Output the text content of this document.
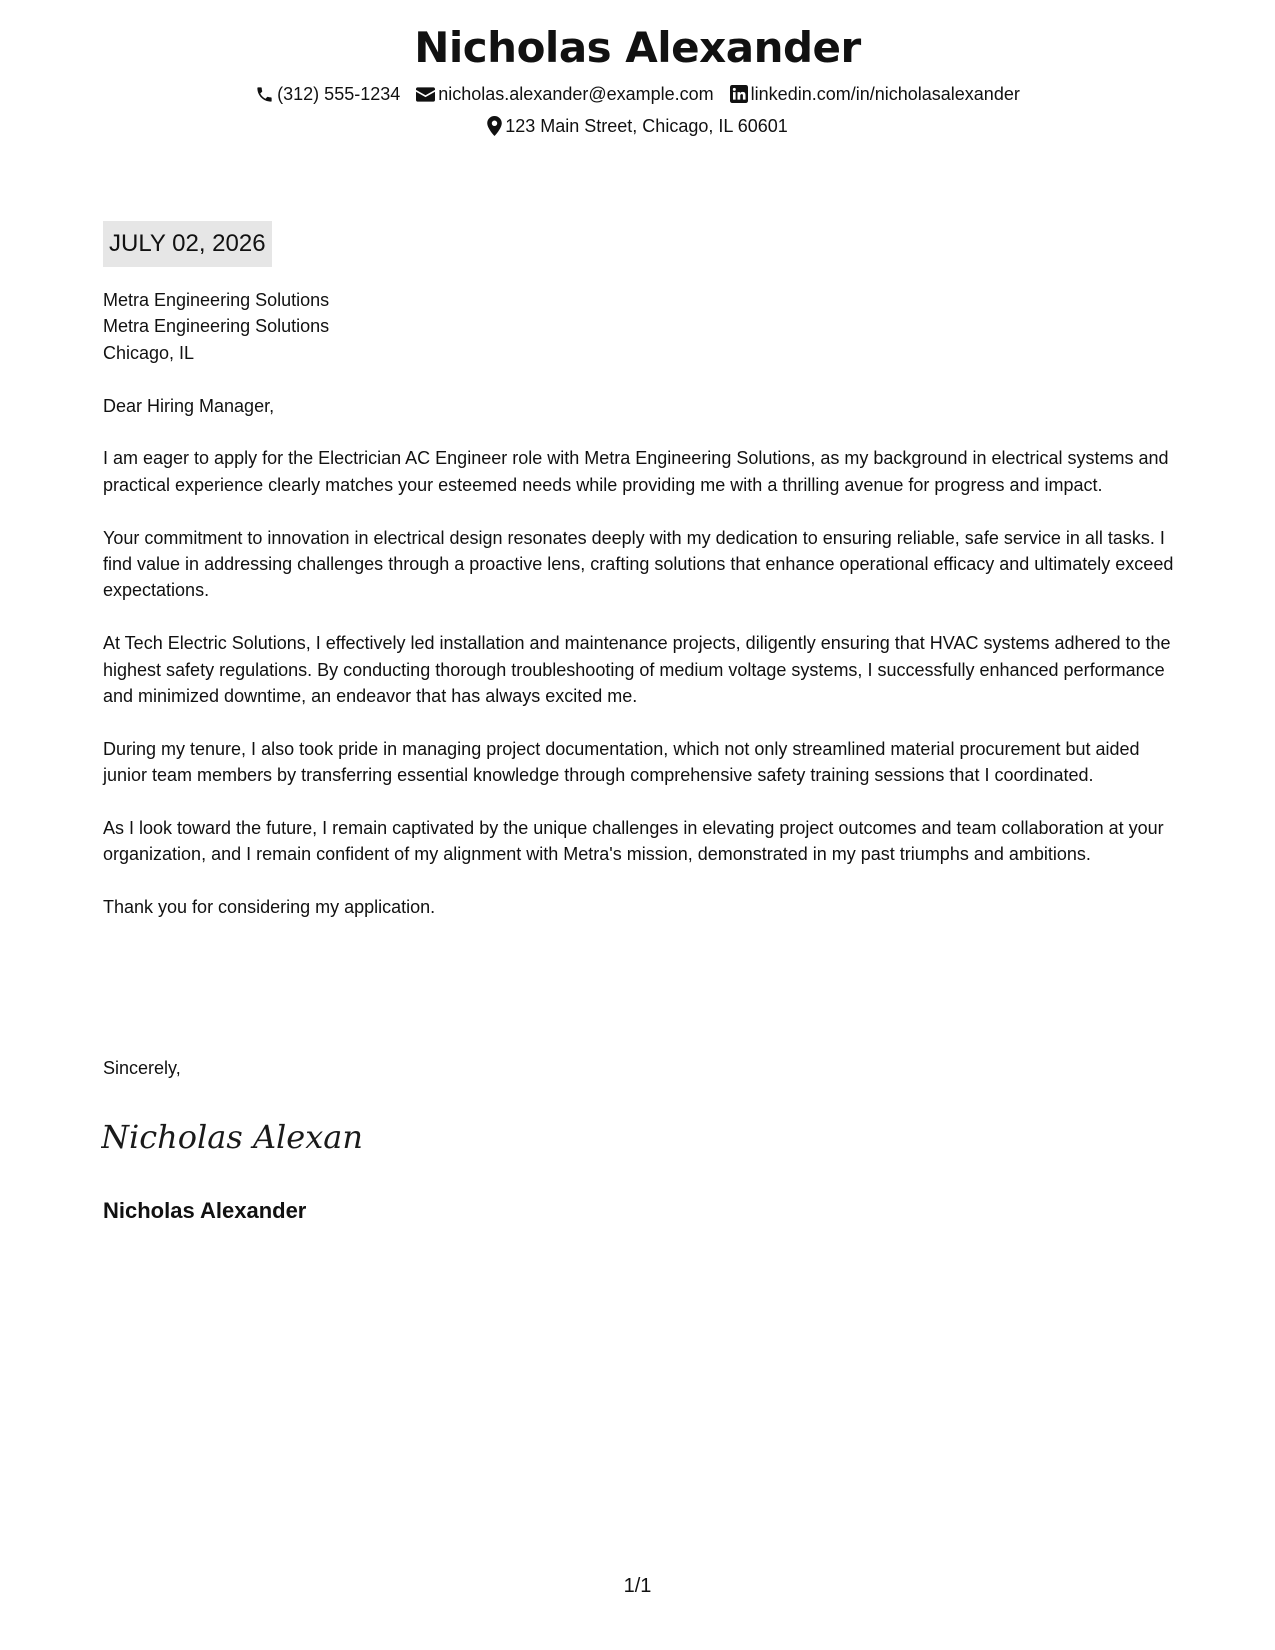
Nicholas Alexander
(312) 555-1234 nicholas.alexander@example.com linkedin.com/in/nicholasalexander
123 Main Street, Chicago, IL 60601
JULY 02, 2026
Metra Engineering Solutions
Metra Engineering Solutions
Chicago, IL

Dear Hiring Manager,

I am eager to apply for the Electrician AC Engineer role with Metra Engineering Solutions, as my background in electrical systems and practical experience clearly matches your esteemed needs while providing me with a thrilling avenue for progress and impact.

Your commitment to innovation in electrical design resonates deeply with my dedication to ensuring reliable, safe service in all tasks. I find value in addressing challenges through a proactive lens, crafting solutions that enhance operational efficacy and ultimately exceed expectations.

At Tech Electric Solutions, I effectively led installation and maintenance projects, diligently ensuring that HVAC systems adhered to the highest safety regulations. By conducting thorough troubleshooting of medium voltage systems, I successfully enhanced performance and minimized downtime, an endeavor that has always excited me.

During my tenure, I also took pride in managing project documentation, which not only streamlined material procurement but aided junior team members by transferring essential knowledge through comprehensive safety training sessions that I coordinated.

As I look toward the future, I remain captivated by the unique challenges in elevating project outcomes and team collaboration at your organization, and I remain confident of my alignment with Metra's mission, demonstrated in my past triumphs and ambitions.

Thank you for considering my application.

Sincerely,
Nicholas Alexan
Nicholas Alexander
1/1
